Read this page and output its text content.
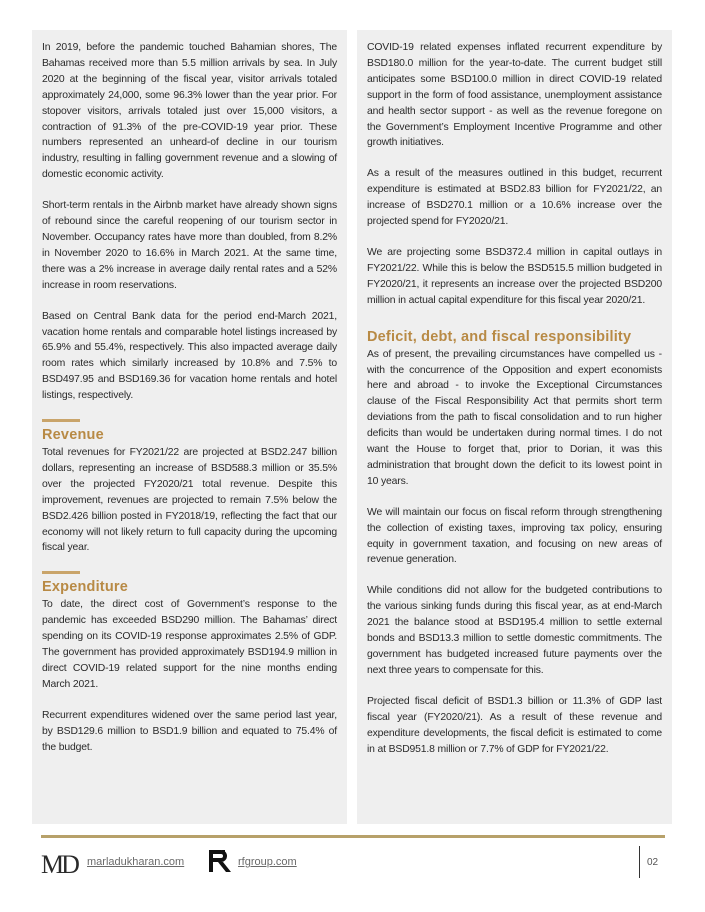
In 2019, before the pandemic touched Bahamian shores, The Bahamas received more than 5.5 million arrivals by sea. In July 2020 at the beginning of the fiscal year, visitor arrivals totaled approximately 24,000, some 96.3% lower than the year prior. For stopover visitors, arrivals totaled just over 15,000 visitors, a contraction of 91.3% of the pre-COVID-19 year prior. These numbers represented an unheard-of decline in our tourism industry, resulting in falling government revenue and a slowing of domestic economic activity.

Short-term rentals in the Airbnb market have already shown signs of rebound since the careful reopening of our tourism sector in November. Occupancy rates have more than doubled, from 8.2% in November 2020 to 16.6% in March 2021. At the same time, there was a 2% increase in average daily rental rates and a 52% increase in room reservations.

Based on Central Bank data for the period end-March 2021, vacation home rentals and comparable hotel listings increased by 65.9% and 55.4%, respectively. This also impacted average daily room rates which similarly increased by 10.8% and 7.5% to BSD497.95 and BSD169.36 for vacation home rentals and hotel listings, respectively.

Revenue

Total revenues for FY2021/22 are projected at BSD2.247 billion dollars, representing an increase of BSD588.3 million or 35.5% over the projected FY2020/21 total revenue. Despite this improvement, revenues are projected to remain 7.5% below the BSD2.426 billion posted in FY2018/19, reflecting the fact that our economy will not likely return to full capacity during the upcoming fiscal year.

Expenditure

To date, the direct cost of Government’s response to the pandemic has exceeded BSD290 million. The Bahamas’ direct spending on its COVID-19 response approximates 2.5% of GDP. The government has provided approximately BSD194.9 million in direct COVID-19 related support for the nine months ending March 2021.

Recurrent expenditures widened over the same period last year, by BSD129.6 million to BSD1.9 billion and equated to 75.4% of the budget.

COVID-19 related expenses inflated recurrent expenditure by BSD180.0 million for the year-to-date. The current budget still anticipates some BSD100.0 million in direct COVID-19 related support in the form of food assistance, unemployment assistance and health sector support - as well as the revenue foregone on the Government’s Employment Incentive Programme and other growth initiatives.

As a result of the measures outlined in this budget, recurrent expenditure is estimated at BSD2.83 billion for FY2021/22, an increase of BSD270.1 million or a 10.6% increase over the projected spend for FY2020/21.

We are projecting some BSD372.4 million in capital outlays in FY2021/22. While this is below the BSD515.5 million budgeted in FY2020/21, it represents an increase over the projected BSD200 million in actual capital expenditure for this fiscal year 2020/21.

Deficit, debt, and fiscal responsibility

As of present, the prevailing circumstances have compelled us - with the concurrence of the Opposition and expert economists here and abroad - to invoke the Exceptional Circumstances clause of the Fiscal Responsibility Act that permits short term deviations from the path to fiscal consolidation and to run higher deficits than would be undertaken during normal times. I do not want the House to forget that, prior to Dorian, it was this administration that brought down the deficit to its lowest point in 10 years.

We will maintain our focus on fiscal reform through strengthening the collection of existing taxes, improving tax policy, ensuring equity in government taxation, and focusing on new areas of revenue generation.

While conditions did not allow for the budgeted contributions to the various sinking funds during this fiscal year, as at end-March 2021 the balance stood at BSD195.4 million to settle external bonds and BSD13.3 million to settle domestic commitments. The government has budgeted increased future payments over the next three years to compensate for this.

Projected fiscal deficit of BSD1.3 billion or 11.3% of GDP last fiscal year (FY2020/21). As a result of these revenue and expenditure developments, the fiscal deficit is estimated to come in at BSD951.8 million or 7.7% of GDP for FY2021/22.

MD marladukharan.com	rfgroup.com	02
